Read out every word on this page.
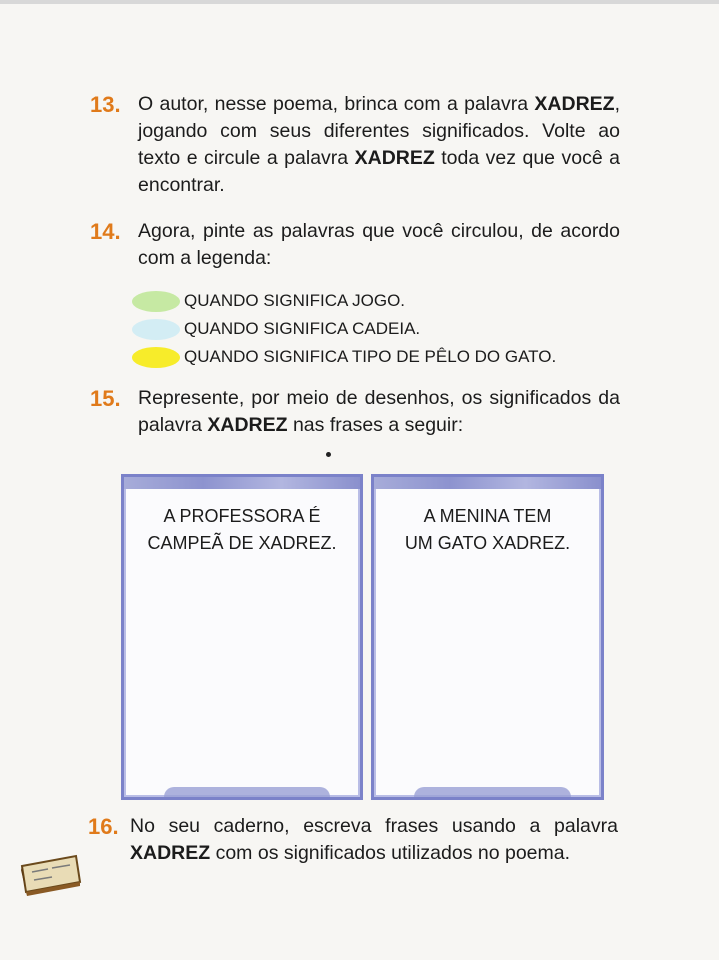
13. O autor, nesse poema, brinca com a palavra XADREZ, jogando com seus diferentes significados. Volte ao texto e circule a palavra XADREZ toda vez que você a encontrar.
14. Agora, pinte as palavras que você circulou, de acordo com a legenda:
QUANDO SIGNIFICA JOGO.
QUANDO SIGNIFICA CADEIA.
QUANDO SIGNIFICA TIPO DE PÊLO DO GATO.
15. Represente, por meio de desenhos, os significados da palavra XADREZ nas frases a seguir:
A PROFESSORA É
CAMPEÃ DE XADREZ.
A MENINA TEM
UM GATO XADREZ.
16. No seu caderno, escreva frases usando a palavra XADREZ com os significados utilizados no poema.
